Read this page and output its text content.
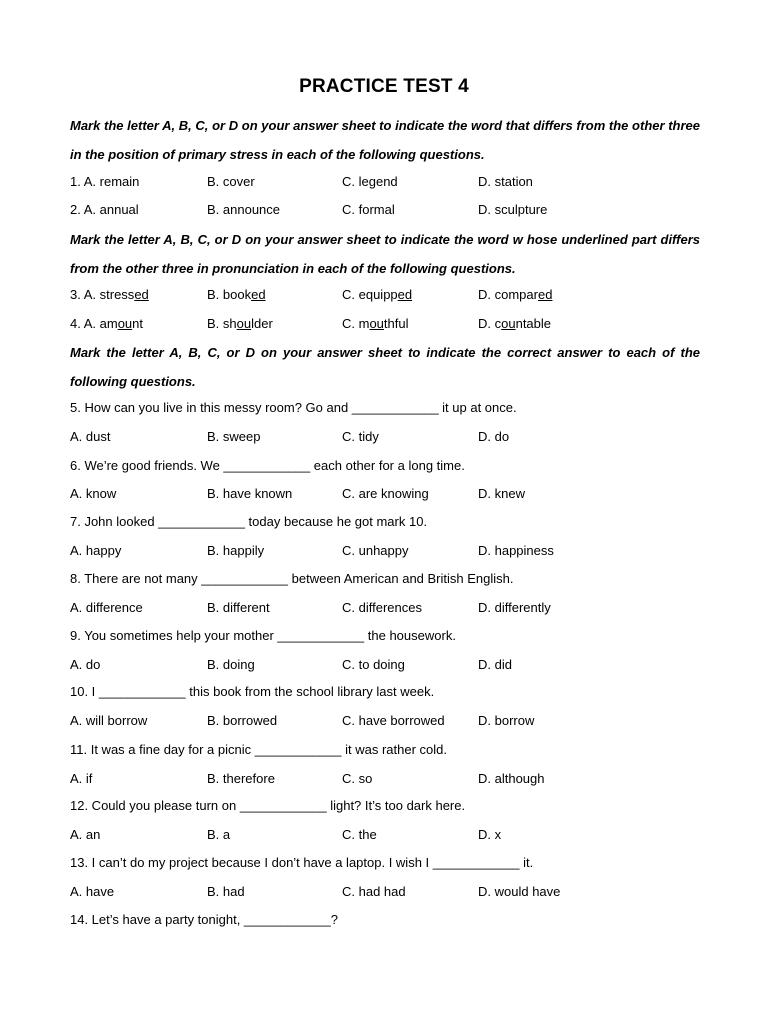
PRACTICE TEST 4
Mark the letter A, B, C, or D on your answer sheet to indicate the word that differs from the other three in the position of primary stress in each of the following questions.
1. A. remain	B. cover	C. legend	D. station
2. A. annual	B. announce	C. formal	D. sculpture
Mark the letter A, B, C, or D on your answer sheet to indicate the word w hose underlined part differs from the other three in pronunciation in each of the following questions.
3. A. stressed	B. booked	C. equipped	D. compared
4. A. amount	B. shoulder	C. mouthful	D. countable
Mark the letter A, B, C, or D on your answer sheet to indicate the correct answer to each of the following questions.
5. How can you live in this messy room? Go and ____________ it up at once.
A. dust	B. sweep	C. tidy	D. do
6. We’re good friends. We ____________ each other for a long time.
A. know	B. have known	C. are knowing	D. knew
7. John looked ____________ today because he got mark 10.
A. happy	B. happily	C. unhappy	D. happiness
8. There are not many ____________ between American and British English.
A. difference	B. different	C. differences	D. differently
9. You sometimes help your mother ____________ the housework.
A. do	B. doing	C. to doing	D. did
10. I ____________ this book from the school library last week.
A. will borrow	B. borrowed	C. have borrowed	D. borrow
11. It was a fine day for a picnic ____________ it was rather cold.
A. if	B. therefore	C. so	D. although
12. Could you please turn on ____________ light? It’s too dark here.
A. an	B. a	C. the	D. x
13. I can’t do my project because I don’t have a laptop. I wish I ____________ it.
A. have	B. had	C. had had	D. would have
14. Let’s have a party tonight, ____________?
